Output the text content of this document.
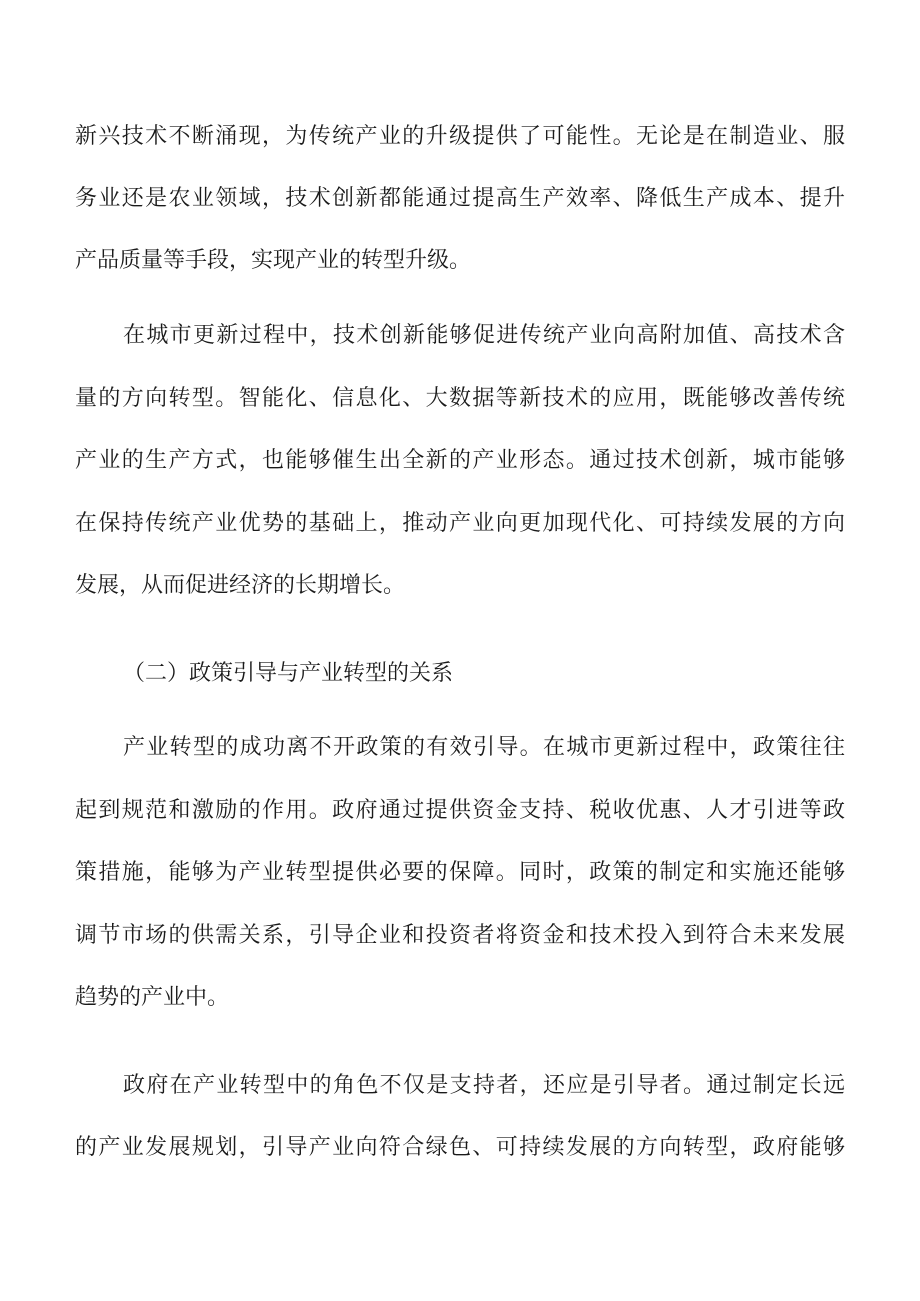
新兴技术不断涌现，为传统产业的升级提供了可能性。无论是在制造业、服
务业还是农业领域，技术创新都能通过提高生产效率、降低生产成本、提升
产品质量等手段，实现产业的转型升级。
在城市更新过程中，技术创新能够促进传统产业向高附加值、高技术含
量的方向转型。智能化、信息化、大数据等新技术的应用，既能够改善传统
产业的生产方式，也能够催生出全新的产业形态。通过技术创新，城市能够
在保持传统产业优势的基础上，推动产业向更加现代化、可持续发展的方向
发展，从而促进经济的长期增长。
（二）政策引导与产业转型的关系
产业转型的成功离不开政策的有效引导。在城市更新过程中，政策往往
起到规范和激励的作用。政府通过提供资金支持、税收优惠、人才引进等政
策措施，能够为产业转型提供必要的保障。同时，政策的制定和实施还能够
调节市场的供需关系，引导企业和投资者将资金和技术投入到符合未来发展
趋势的产业中。
政府在产业转型中的角色不仅是支持者，还应是引导者。通过制定长远
的产业发展规划，引导产业向符合绿色、可持续发展的方向转型，政府能够
